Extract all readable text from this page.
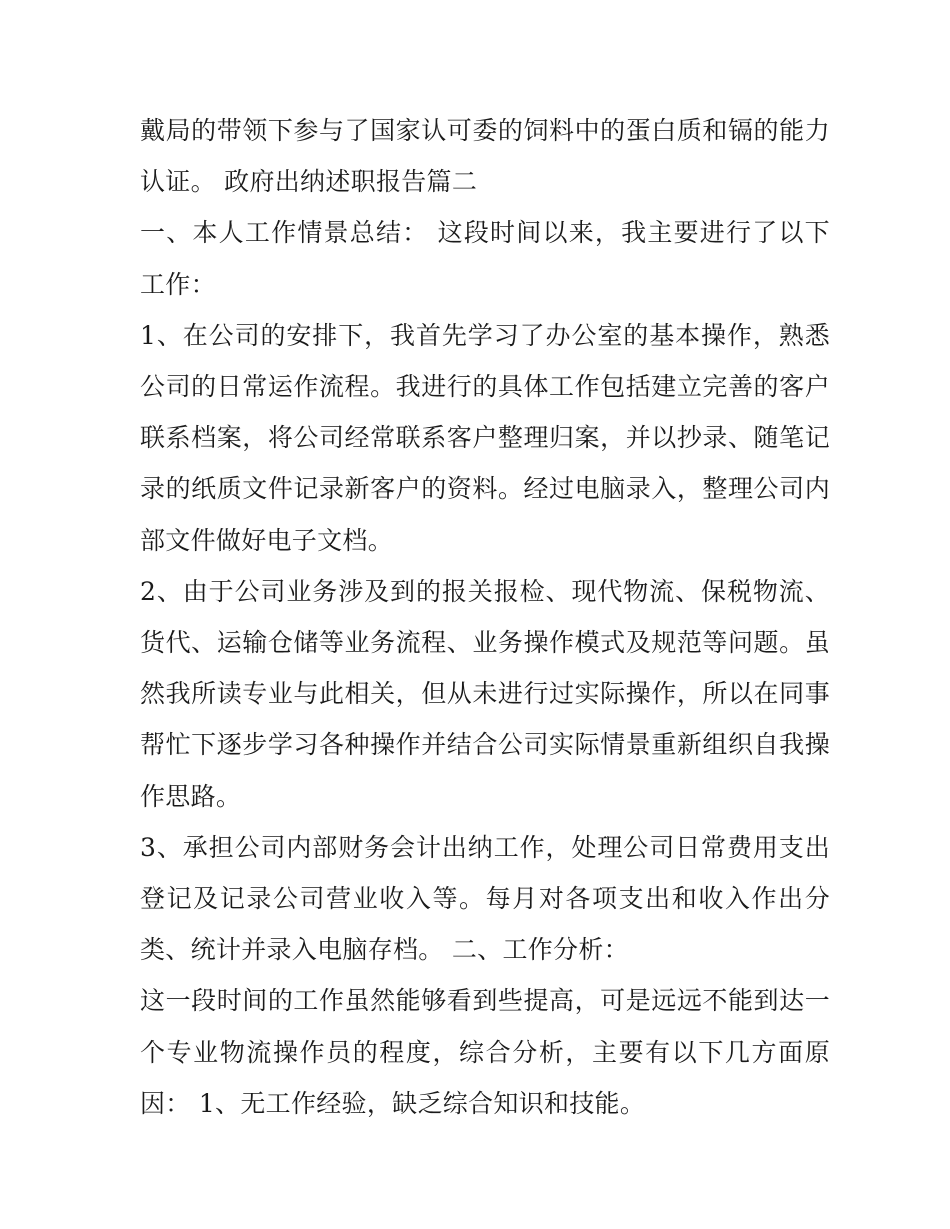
戴局的带领下参与了国家认可委的饲料中的蛋白质和镉的能力认证。 政府出纳述职报告篇二

一、本人工作情景总结： 这段时间以来，我主要进行了以下工作：

1、在公司的安排下，我首先学习了办公室的基本操作，熟悉公司的日常运作流程。我进行的具体工作包括建立完善的客户联系档案，将公司经常联系客户整理归案，并以抄录、随笔记录的纸质文件记录新客户的资料。经过电脑录入，整理公司内部文件做好电子文档。

2、由于公司业务涉及到的报关报检、现代物流、保税物流、货代、运输仓储等业务流程、业务操作模式及规范等问题。虽然我所读专业与此相关，但从未进行过实际操作，所以在同事帮忙下逐步学习各种操作并结合公司实际情景重新组织自我操作思路。

3、承担公司内部财务会计出纳工作，处理公司日常费用支出登记及记录公司营业收入等。每月对各项支出和收入作出分类、统计并录入电脑存档。 二、工作分析：

这一段时间的工作虽然能够看到些提高，可是远远不能到达一个专业物流操作员的程度，综合分析，主要有以下几方面原因： 1、无工作经验，缺乏综合知识和技能。
